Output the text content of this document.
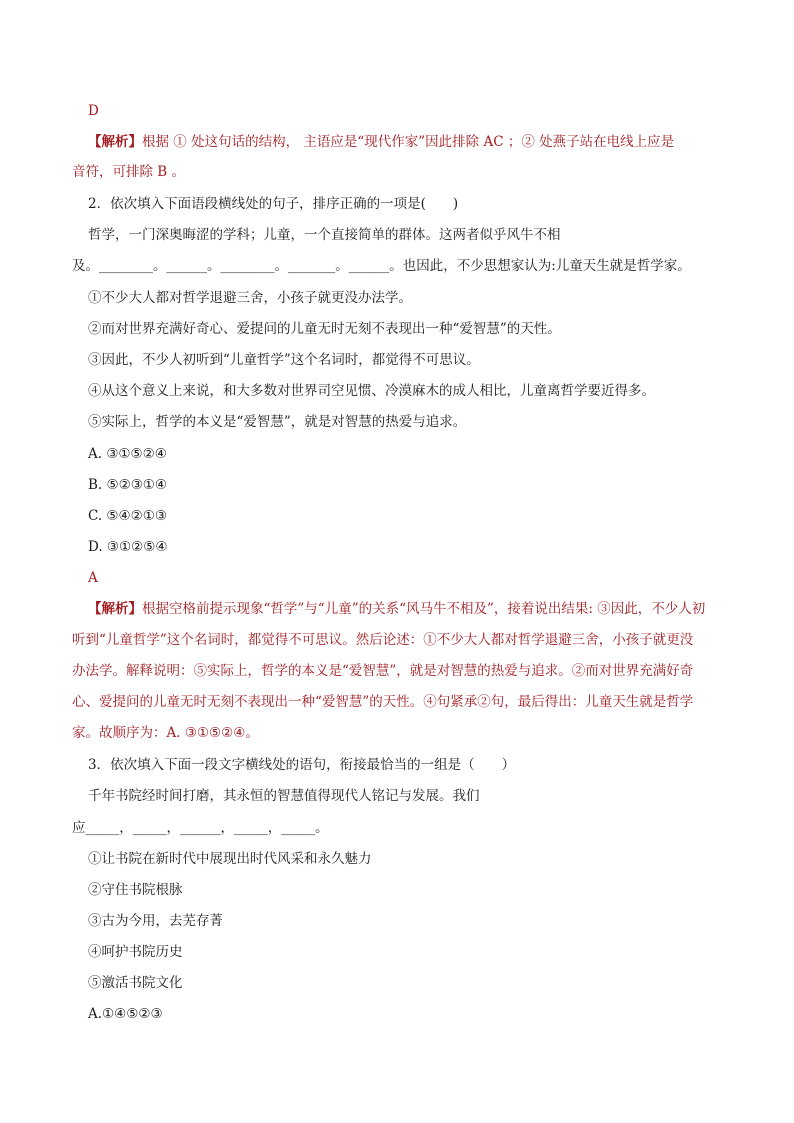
D
【解析】根据 ① 处这句话的结构， 主语应是“现代作家”因此排除 AC ；② 处燕子站在电线上应是
音符，可排除 B 。
2．依次填入下面语段横线处的句子，排序正确的一项是(　　)
哲学，一门深奥晦涩的学科；儿童，一个直接简单的群体。这两者似乎风牛不相
及。________。______。________。_______。______。也因此，不少思想家认为:儿童天生就是哲学家。
①不少大人都对哲学退避三舍，小孩子就更没办法学。
②而对世界充满好奇心、爱提问的儿童无时无刻不表现出一种“爱智慧”的天性。
③因此，不少人初听到“儿童哲学”这个名词时，都觉得不可思议。
④从这个意义上来说，和大多数对世界司空见惯、冷漠麻木的成人相比，儿童离哲学要近得多。
⑤实际上，哲学的本义是“爱智慧”，就是对智慧的热爱与追求。
A. ③①⑤②④
B. ⑤②③①④
C. ⑤④②①③
D. ③①②⑤④
A
【解析】根据空格前提示现象“哲学”与“儿童”的关系“风马牛不相及”，接着说出结果: ③因此，不少人初
听到“儿童哲学”这个名词时，都觉得不可思议。然后论述：①不少大人都对哲学退避三舍，小孩子就更没
办法学。解释说明：⑤实际上，哲学的本义是“爱智慧”，就是对智慧的热爱与追求。②而对世界充满好奇
心、爱提问的儿童无时无刻不表现出一种“爱智慧”的天性。④句紧承②句，最后得出：儿童天生就是哲学
家。故顺序为：A. ③①⑤②④。
3．依次填入下面一段文字横线处的语句，衔接最恰当的一组是（　　）
千年书院经时间打磨，其永恒的智慧值得现代人铭记与发展。我们
应_____，_____，______，_____，_____。
①让书院在新时代中展现出时代风采和永久魅力
②守住书院根脉
③古为今用，去芜存菁
④呵护书院历史
⑤激活书院文化
A.①④⑤②③
